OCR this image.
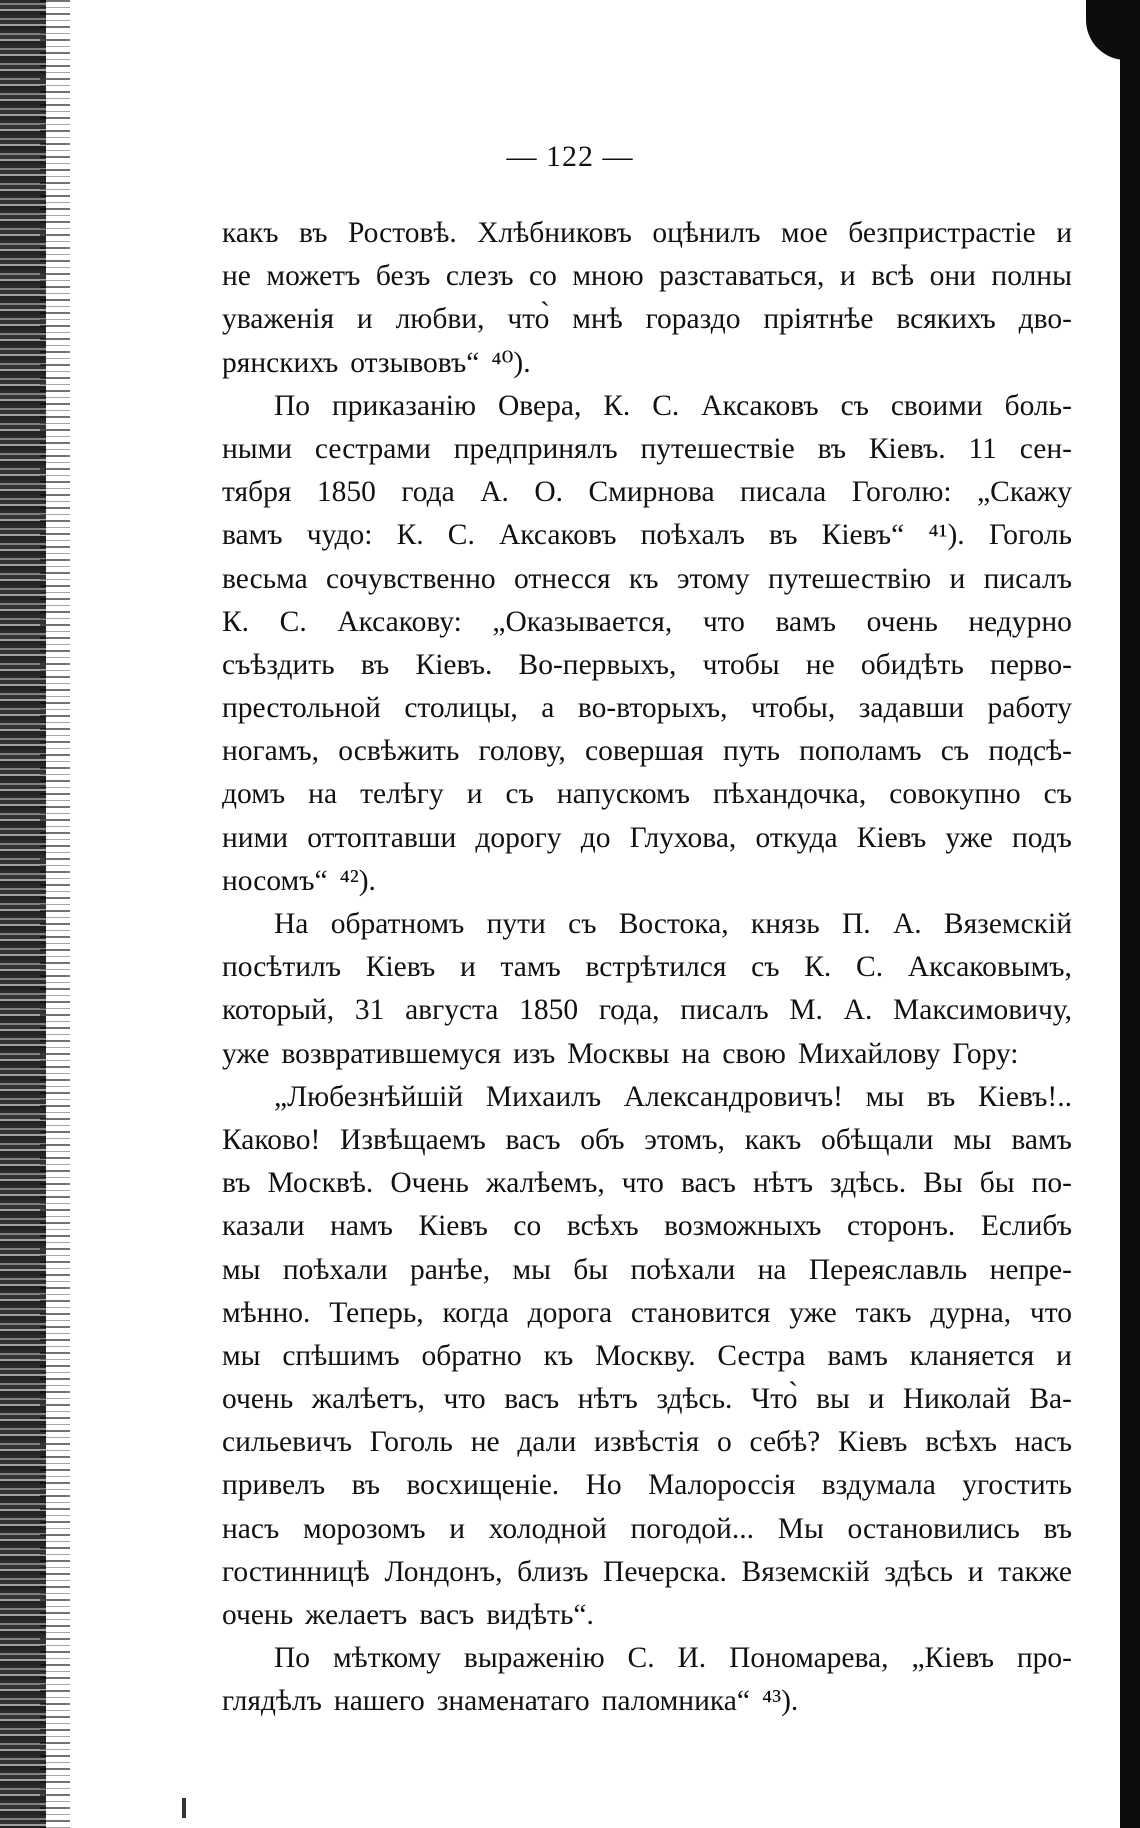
— 122 —
какъ въ Ростовѣ. Хлѣбниковъ оцѣнилъ мое безпристрастiе и
не можетъ безъ слезъ со мною разставаться, и всѣ они полны
уваженiя и любви, что̀ мнѣ гораздо прiятнѣе всякихъ дво-
рянскихъ отзывовъ“ ⁴⁰).
По приказанiю Овера, К. С. Аксаковъ съ своими боль-
ными сестрами предпринялъ путешествiе въ Кiевъ. 11 сен-
тября 1850 года А. О. Смирнова писала Гоголю: „Скажу
вамъ чудо: К. С. Аксаковъ поѣхалъ въ Кiевъ“ ⁴¹). Гоголь
весьма сочувственно отнесся къ этому путешествiю и писалъ
К. С. Аксакову: „Оказывается, что вамъ очень недурно
съѣздить въ Кiевъ. Во-первыхъ, чтобы не обидѣть перво-
престольной столицы, а во-вторыхъ, чтобы, задавши работу
ногамъ, освѣжить голову, совершая путь пополамъ съ подсѣ-
домъ на телѣгу и съ напускомъ пѣхандочка, совокупно съ
ними оттоптавши дорогу до Глухова, откуда Кiевъ уже подъ
носомъ“ ⁴²).
На обратномъ пути съ Востока, князь П. А. Вяземскiй
посѣтилъ Кiевъ и тамъ встрѣтился съ К. С. Аксаковымъ,
который, 31 августа 1850 года, писалъ М. А. Максимовичу,
уже возвратившемуся изъ Москвы на свою Михайлову Гору:
„Любезнѣйшiй Михаилъ Александровичъ! мы въ Кiевъ!..
Каково! Извѣщаемъ васъ объ этомъ, какъ обѣщали мы вамъ
въ Москвѣ. Очень жалѣемъ, что васъ нѣтъ здѣсь. Вы бы по-
казали намъ Кiевъ со всѣхъ возможныхъ сторонъ. Еслибъ
мы поѣхали ранѣе, мы бы поѣхали на Переяславль непре-
мѣнно. Теперь, когда дорога становится уже такъ дурна, что
мы спѣшимъ обратно къ Москву. Сестра вамъ кланяется и
очень жалѣетъ, что васъ нѣтъ здѣсь. Что̀ вы и Николай Ва-
сильевичъ Гоголь не дали извѣстiя о себѣ? Кiевъ всѣхъ насъ
привелъ въ восхищенiе. Но Малороссiя вздумала угостить
насъ морозомъ и холодной погодой... Мы остановились въ
гостинницѣ Лондонъ, близъ Печерска. Вяземскiй здѣсь и также
очень желаетъ васъ видѣть“.
По мѣткому выраженiю С. И. Пономарева, „Кiевъ про-
глядѣлъ нашего знаменатаго паломника“ ⁴³).
